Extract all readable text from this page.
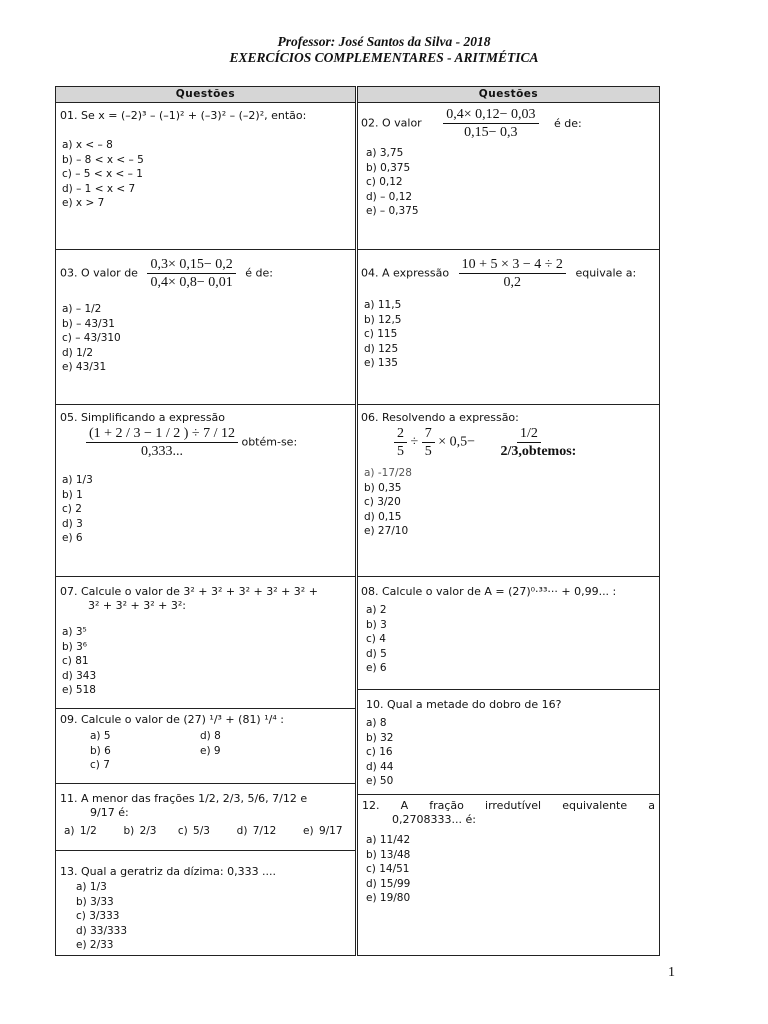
Professor: José Santos da Silva - 2018
EXERCÍCIOS COMPLEMENTARES - ARITMÉTICA
Questões
01. Se x = (–2)³ – (–1)² + (–3)² – (–2)², então:
a) x < – 8
b) – 8 < x < – 5
c) – 5 < x < – 1
d) – 1 < x < 7
e) x > 7
03. O valor de $\frac{0,3\times 0,15- 0,2}{0,4\times 0,8- 0,01}$ é de:
a) – 1/2
b) – 43/31
c) – 43/310
d) 1/2
e) 43/31
05. Simplificando a expressão
$\frac{(1 + 2 / 3 - 1 / 2 ) \div 7 / 12}{0,333...}$ obtém-se:
a) 1/3
b) 1
c) 2
d) 3
e) 6
07. Calcule o valor de 3² + 3² + 3² + 3² + 3² +
3² + 3² + 3² + 3²:
a) 3⁵
b) 3⁶
c) 81
d) 343
e) 518
09. Calcule o valor de (27) ¹/³ + (81) ¹/⁴ :
a) 5	d) 8
b) 6	e) 9
c) 7
11. A menor das frações 1/2, 2/3, 5/6, 7/12 e
9/17 é:
a) 1/2	b) 2/3 c) 5/3	d) 7/12	e) 9/17
13. Qual a geratriz da dízima: 0,333 ....
a) 1/3
b) 3/33
c) 3/333
d) 33/333
e) 2/33
Questões
02. O valor $\frac{0,4\times 0,12- 0,03}{0,15- 0,3}$ é de:
a) 3,75
b) 0,375
c) 0,12
d) – 0,12
e) – 0,375
04. A expressão $\frac{10 + 5 \times 3 - 4 \div 2}{0,2}$ equivale a:
a) 11,5
b) 12,5
c) 115
d) 125
e) 135
06. Resolvendo a expressão:
$\frac{2}{5} \div \frac{7}{5} \times 0,5- \frac{1/2}{\text{2/3,obtemos:}}$
a) -17/28
b) 0,35
c) 3/20
d) 0,15
e) 27/10
08. Calcule o valor de A = (27)⁰·³³··· + 0,99... :
a) 2
b) 3
c) 4
d) 5
e) 6
10. Qual a metade do dobro de 16?
a) 8
b) 32
c) 16
d) 44
e) 50
12. A fração irredutível equivalente a
0,2708333... é:
a) 11/42
b) 13/48
c) 14/51
d) 15/99
e) 19/80
1
